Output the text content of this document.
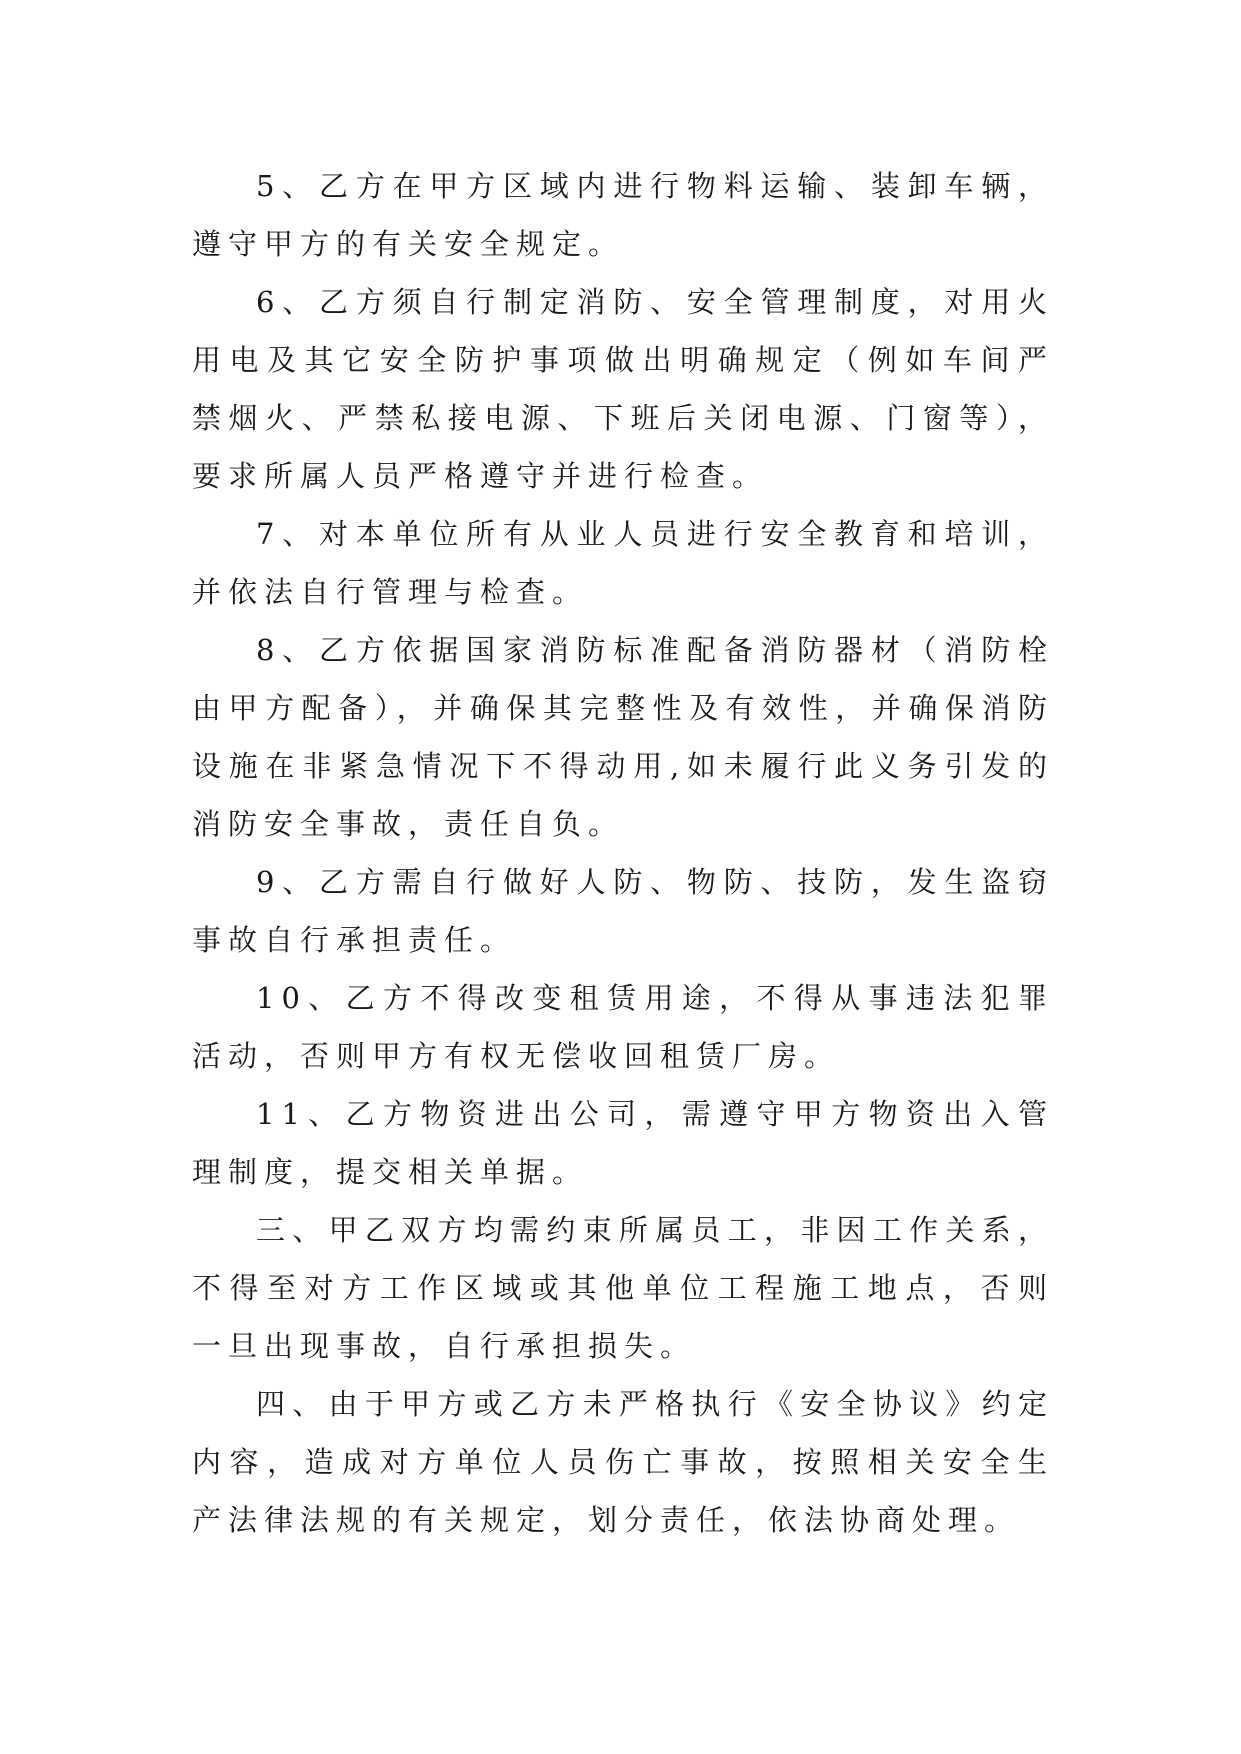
5、乙方在甲方区域内进行物料运输、装卸车辆，遵守甲方的有关安全规定。

6、乙方须自行制定消防、安全管理制度，对用火用电及其它安全防护事项做出明确规定（例如车间严禁烟火、严禁私接电源、下班后关闭电源、门窗等），要求所属人员严格遵守并进行检查。

7、对本单位所有从业人员进行安全教育和培训，并依法自行管理与检查。

8、乙方依据国家消防标准配备消防器材（消防栓由甲方配备），并确保其完整性及有效性，并确保消防设施在非紧急情况下不得动用,如未履行此义务引发的消防安全事故，责任自负。

9、乙方需自行做好人防、物防、技防，发生盗窃事故自行承担责任。

10、乙方不得改变租赁用途，不得从事违法犯罪活动，否则甲方有权无偿收回租赁厂房。

11、乙方物资进出公司，需遵守甲方物资出入管理制度，提交相关单据。

三、甲乙双方均需约束所属员工，非因工作关系，不得至对方工作区域或其他单位工程施工地点，否则一旦出现事故，自行承担损失。

四、由于甲方或乙方未严格执行《安全协议》约定内容，造成对方单位人员伤亡事故，按照相关安全生产法律法规的有关规定，划分责任，依法协商处理。
